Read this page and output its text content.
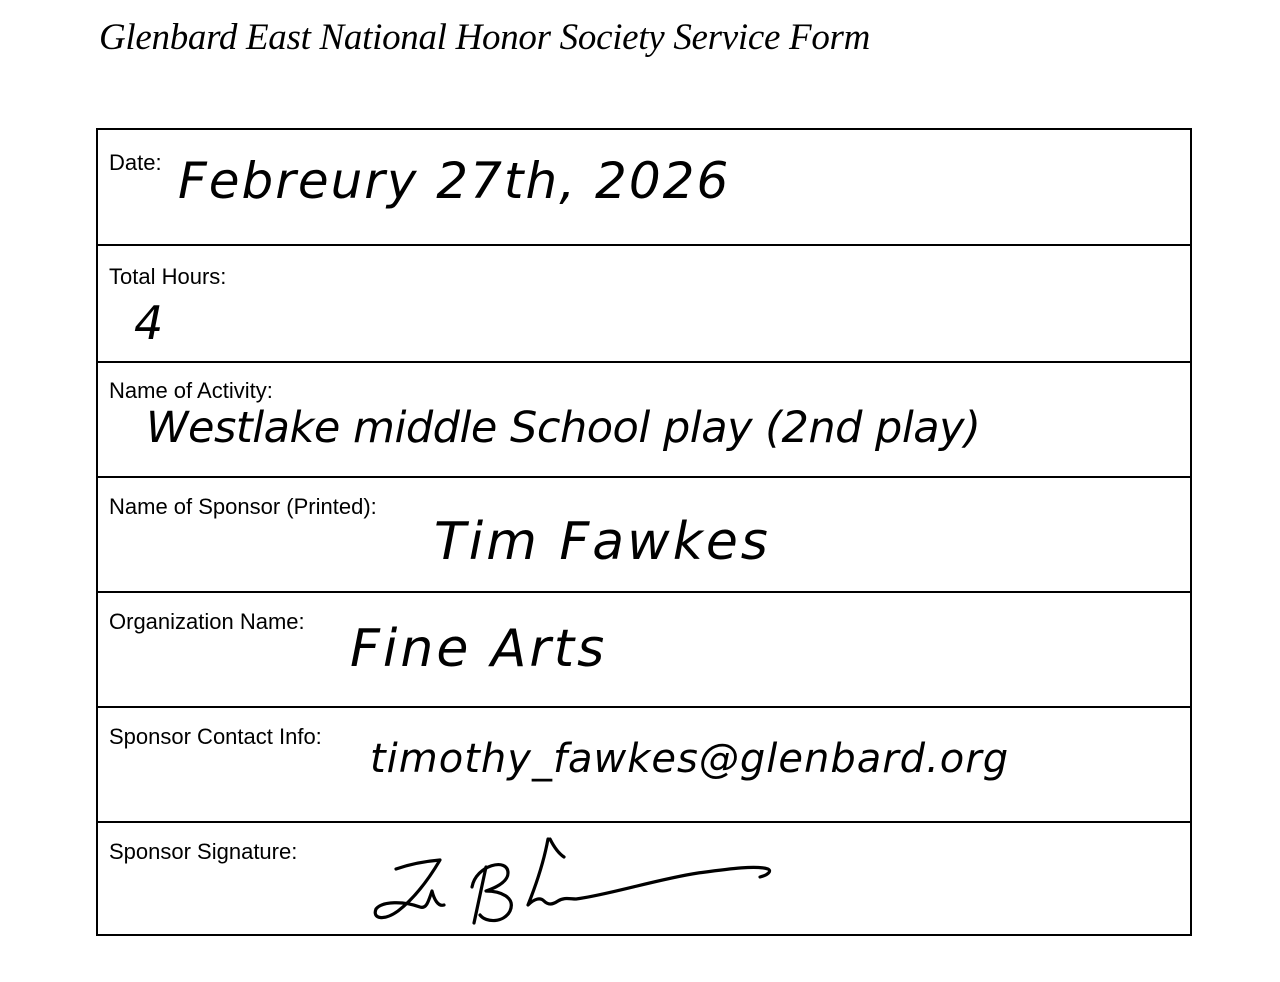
Glenbard East National Honor Society Service Form
Date: Febreury 27th, 2026
Total Hours:
4
Name of Activity:
Westlake middle School play (2nd play)
Name of Sponsor (Printed):
Tim Fawkes
Organization Name: Fine Arts
Sponsor Contact Info: timothy_fawkes@glenbard.org
Sponsor Signature:
